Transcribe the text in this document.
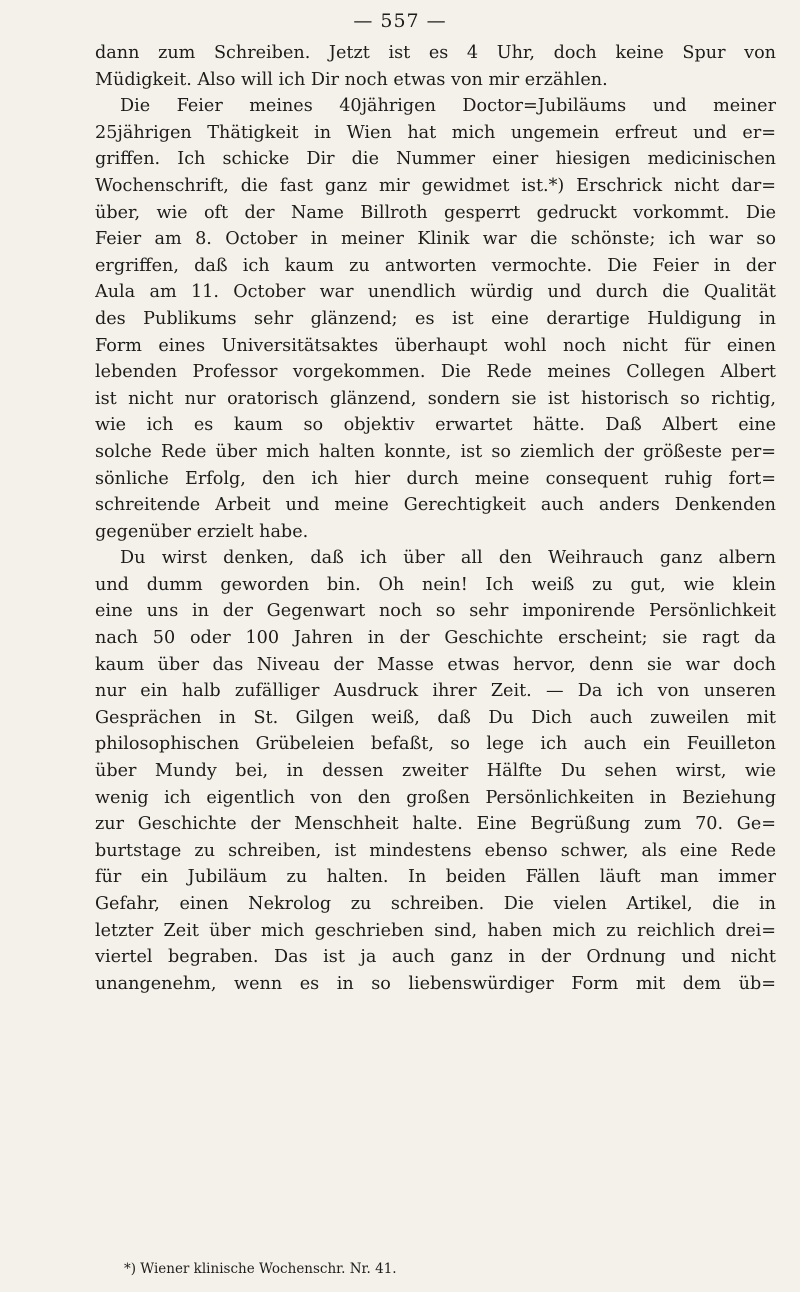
— 557 —
dann zum Schreiben. Jetzt ist es 4 Uhr, doch keine Spur von
Müdigkeit. Also will ich Dir noch etwas von mir erzählen.
Die Feier meines 40jährigen Doctor=Jubiläums und meiner
25jährigen Thätigkeit in Wien hat mich ungemein erfreut und er=
griffen. Ich schicke Dir die Nummer einer hiesigen medicinischen
Wochenschrift, die fast ganz mir gewidmet ist.*) Erschrick nicht dar=
über, wie oft der Name Billroth gesperrt gedruckt vorkommt. Die
Feier am 8. October in meiner Klinik war die schönste; ich war so
ergriffen, daß ich kaum zu antworten vermochte. Die Feier in der
Aula am 11. October war unendlich würdig und durch die Qualität
des Publikums sehr glänzend; es ist eine derartige Huldigung in
Form eines Universitätsaktes überhaupt wohl noch nicht für einen
lebenden Professor vorgekommen. Die Rede meines Collegen Albert
ist nicht nur oratorisch glänzend, sondern sie ist historisch so richtig,
wie ich es kaum so objektiv erwartet hätte. Daß Albert eine
solche Rede über mich halten konnte, ist so ziemlich der größeste per=
sönliche Erfolg, den ich hier durch meine consequent ruhig fort=
schreitende Arbeit und meine Gerechtigkeit auch anders Denkenden
gegenüber erzielt habe.
Du wirst denken, daß ich über all den Weihrauch ganz albern
und dumm geworden bin. Oh nein! Ich weiß zu gut, wie klein
eine uns in der Gegenwart noch so sehr imponirende Persönlichkeit
nach 50 oder 100 Jahren in der Geschichte erscheint; sie ragt da
kaum über das Niveau der Masse etwas hervor, denn sie war doch
nur ein halb zufälliger Ausdruck ihrer Zeit. — Da ich von unseren
Gesprächen in St. Gilgen weiß, daß Du Dich auch zuweilen mit
philosophischen Grübeleien befaßt, so lege ich auch ein Feuilleton
über Mundy bei, in dessen zweiter Hälfte Du sehen wirst, wie
wenig ich eigentlich von den großen Persönlichkeiten in Beziehung
zur Geschichte der Menschheit halte. Eine Begrüßung zum 70. Ge=
burtstage zu schreiben, ist mindestens ebenso schwer, als eine Rede
für ein Jubiläum zu halten. In beiden Fällen läuft man immer
Gefahr, einen Nekrolog zu schreiben. Die vielen Artikel, die in
letzter Zeit über mich geschrieben sind, haben mich zu reichlich drei=
viertel begraben. Das ist ja auch ganz in der Ordnung und nicht
unangenehm, wenn es in so liebenswürdiger Form mit dem üb=
*) Wiener klinische Wochenschr. Nr. 41.
